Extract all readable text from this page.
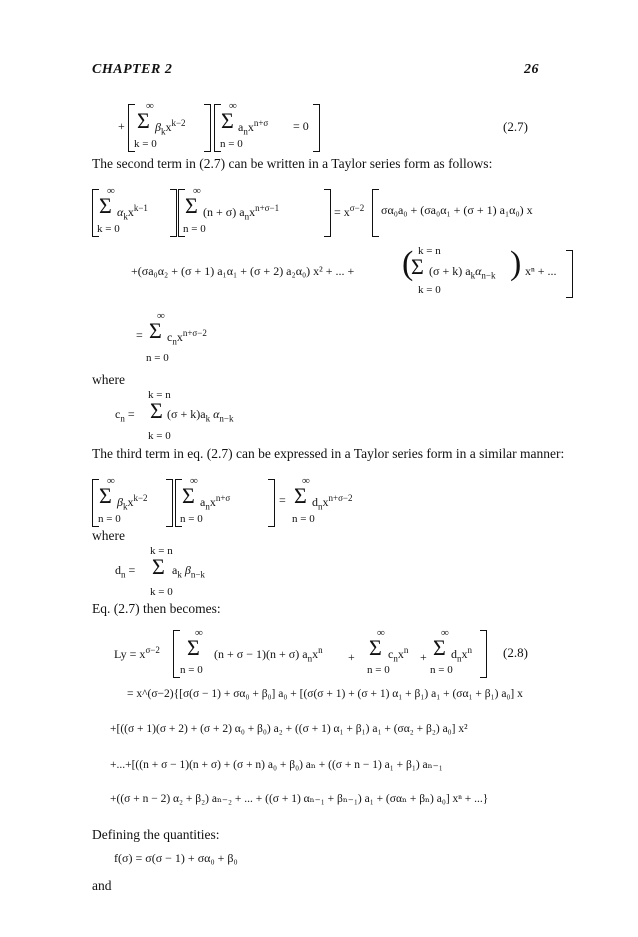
CHAPTER 2	26
+
∞
Σ $\beta_kx^{k-2}$
k = 0
∞
Σ $a_nx^{n+\sigma}$
n = 0
= 0	(2.7)
The second term in (2.7) can be written in a Taylor series form as follows:
∞
Σ $\alpha_kx^{k-1}$
k = 0
∞
Σ (n + σ) $a_nx^{n+\sigma-1}$
n = 0
= $x^{\sigma-2}$ σα₀a₀ + (σa₀α₁ + (σ + 1) a₁α₀) x
+(σa₀α₂ + (σ + 1) a₁α₁ + (σ + 2) a₂α₀) x² + ... + ( k = n
Σ (σ + k) $a_k\alpha_{n-k}$
k = 0
) xⁿ + ...
=
∞
Σ $c_nx^{n+\sigma-2}$
n = 0
where
k = n
$c_n = \Sigma$ $(\sigma + k)a_k$ $\alpha_{n-k}$
k = 0
The third term in eq. (2.7) can be expressed in a Taylor series form in a similar manner:
∞
Σ $\beta_kx^{k-2}$
n = 0
∞
Σ $a_nx^{n+\sigma}$
n = 0
=
∞
Σ $d_nx^{n+\sigma-2}$
n = 0
where
k = n
$d_n = \Sigma$ $a_k$ $\beta_{n-k}$
k = 0
Eq. (2.7) then becomes:
$Ly = x^{\sigma-2}$
∞
Σ (n + σ − 1)(n + σ) $a_nx^n$
n = 0
+
∞
Σ $c_nx^n$
n = 0
+
∞
Σ $d_nx^n$
n = 0
(2.8)
= x^(σ−2){[σ(σ − 1) + σα₀ + β₀] a₀ + [(σ(σ + 1) + (σ + 1) α₁ + β₁) a₁ + (σα₁ + β₁) a₀] x
+[((σ + 1)(σ + 2) + (σ + 2) α₀ + β₀) a₂ + ((σ + 1) α₁ + β₁) a₁ + (σα₂ + β₂) a₀] x²
+...+[((n + σ − 1)(n + σ) + (σ + n) a₀ + β₀) aₙ + ((σ + n − 1) a₁ + β₁) aₙ₋₁
+((σ + n − 2) α₂ + β₂) aₙ₋₂ + ... + ((σ + 1) αₙ₋₁ + βₙ₋₁) a₁ + (σαₙ + βₙ) a₀] xⁿ + ...}
Defining the quantities:
f(σ) = σ(σ − 1) + σα₀ + β₀
and
